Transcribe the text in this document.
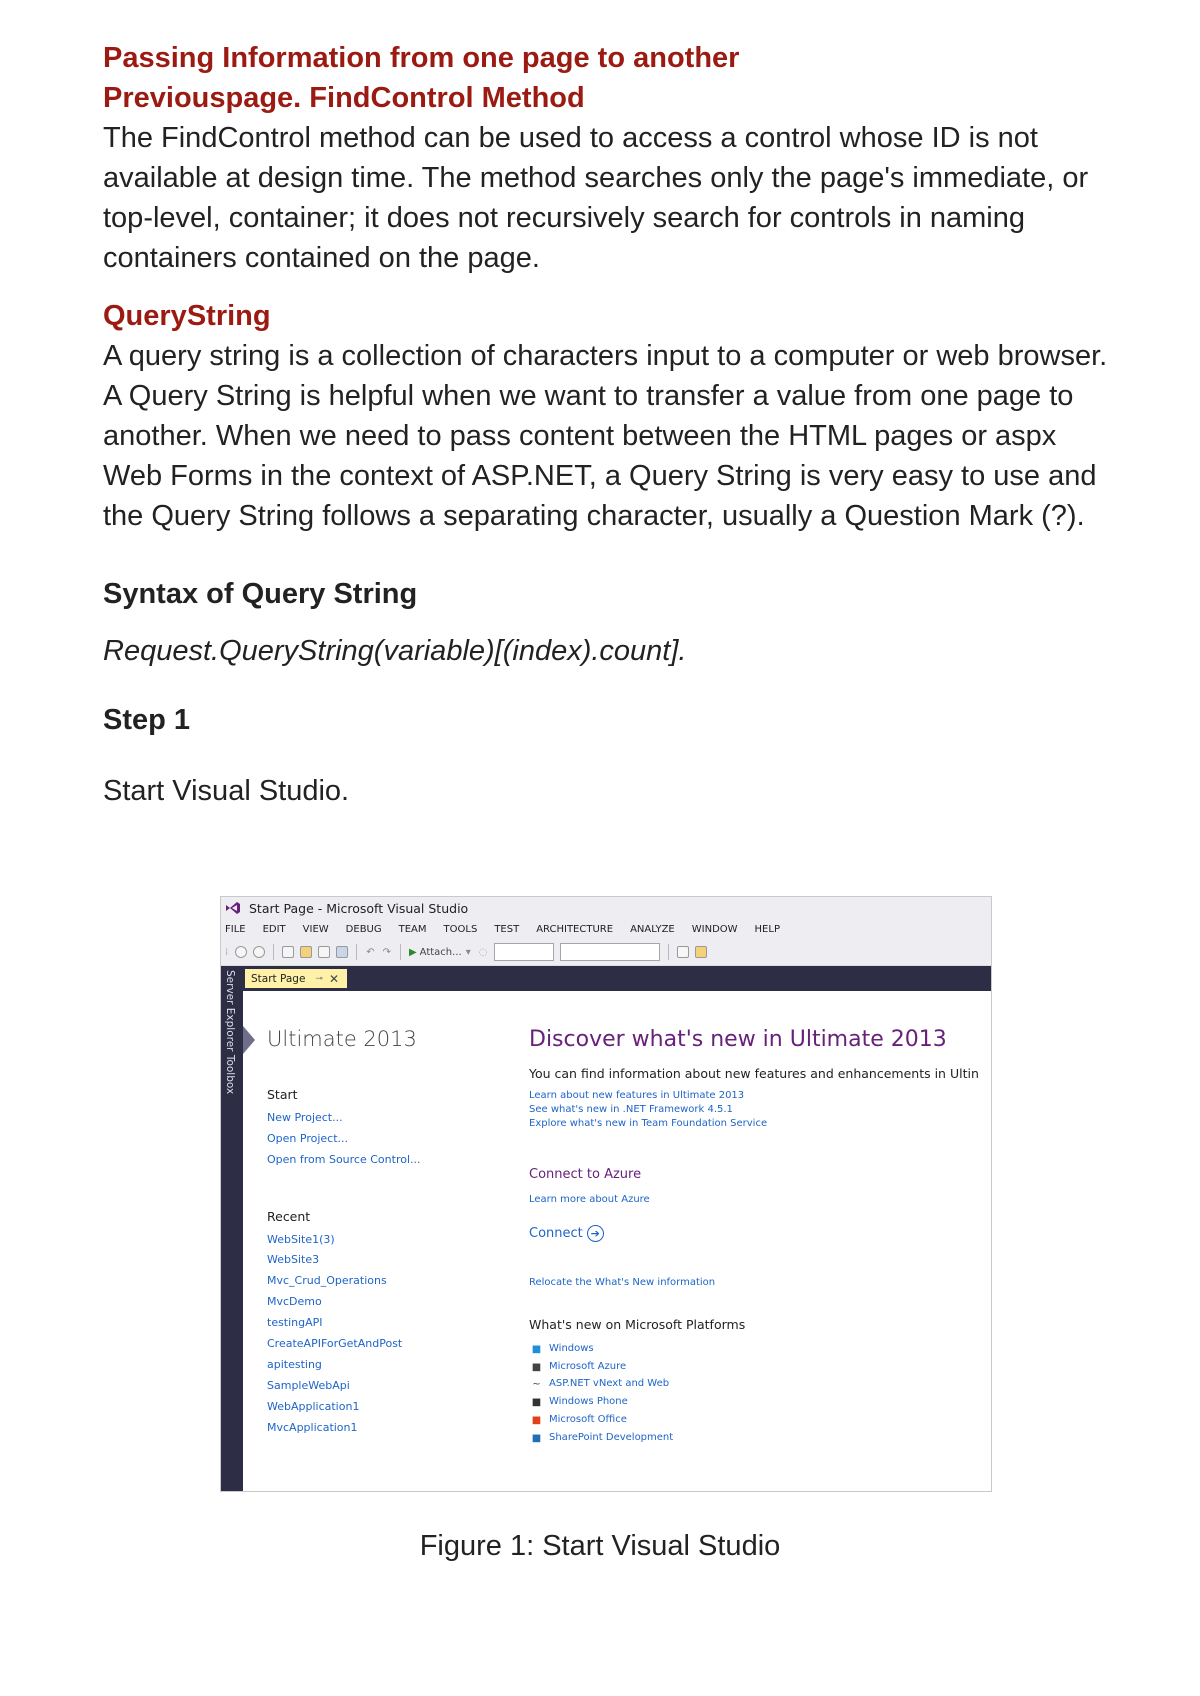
Passing Information from one page to another

Previouspage. FindControl Method

The FindControl method can be used to access a control whose ID is not available at design time. The method searches only the page's immediate, or top-level, container; it does not recursively search for controls in naming containers contained on the page.

QueryString

A query string is a collection of characters input to a computer or web browser. A Query String is helpful when we want to transfer a value from one page to another. When we need to pass content between the HTML pages or aspx Web Forms in the context of ASP.NET, a Query String is very easy to use and the Query String follows a separating character, usually a Question Mark (?).

Syntax of Query String

Request.QueryString(variable)[(index).count].

Step 1

Start Visual Studio.

Start Page - Microsoft Visual Studio
FILE EDIT VIEW DEBUG TEAM TOOLS TEST ARCHITECTURE ANALYZE WINDOW HELP
⁞	↶ ↷ ▶ Attach... ▾ ◌
Server Explorer Toolbox Start Page ⊸ ✕
Ultimate 2013
Start
New Project...
Open Project...
Open from Source Control...
Recent
WebSite1(3)
WebSite3
Mvc_Crud_Operations
MvcDemo
testingAPI
CreateAPIForGetAndPost
apitesting
SampleWebApi
WebApplication1
MvcApplication1
Discover what's new in Ultimate 2013
You can find information about new features and enhancements in Ultin
Learn about new features in Ultimate 2013
See what's new in .NET Framework 4.5.1
Explore what's new in Team Foundation Service
Connect to Azure
Learn more about Azure
Connect ➔
Relocate the What's New information
What's new on Microsoft Platforms
■ Windows
■ Microsoft Azure
~ ASP.NET vNext and Web
■ Windows Phone
■ Microsoft Office
■ SharePoint Development
Figure 1: Start Visual Studio
